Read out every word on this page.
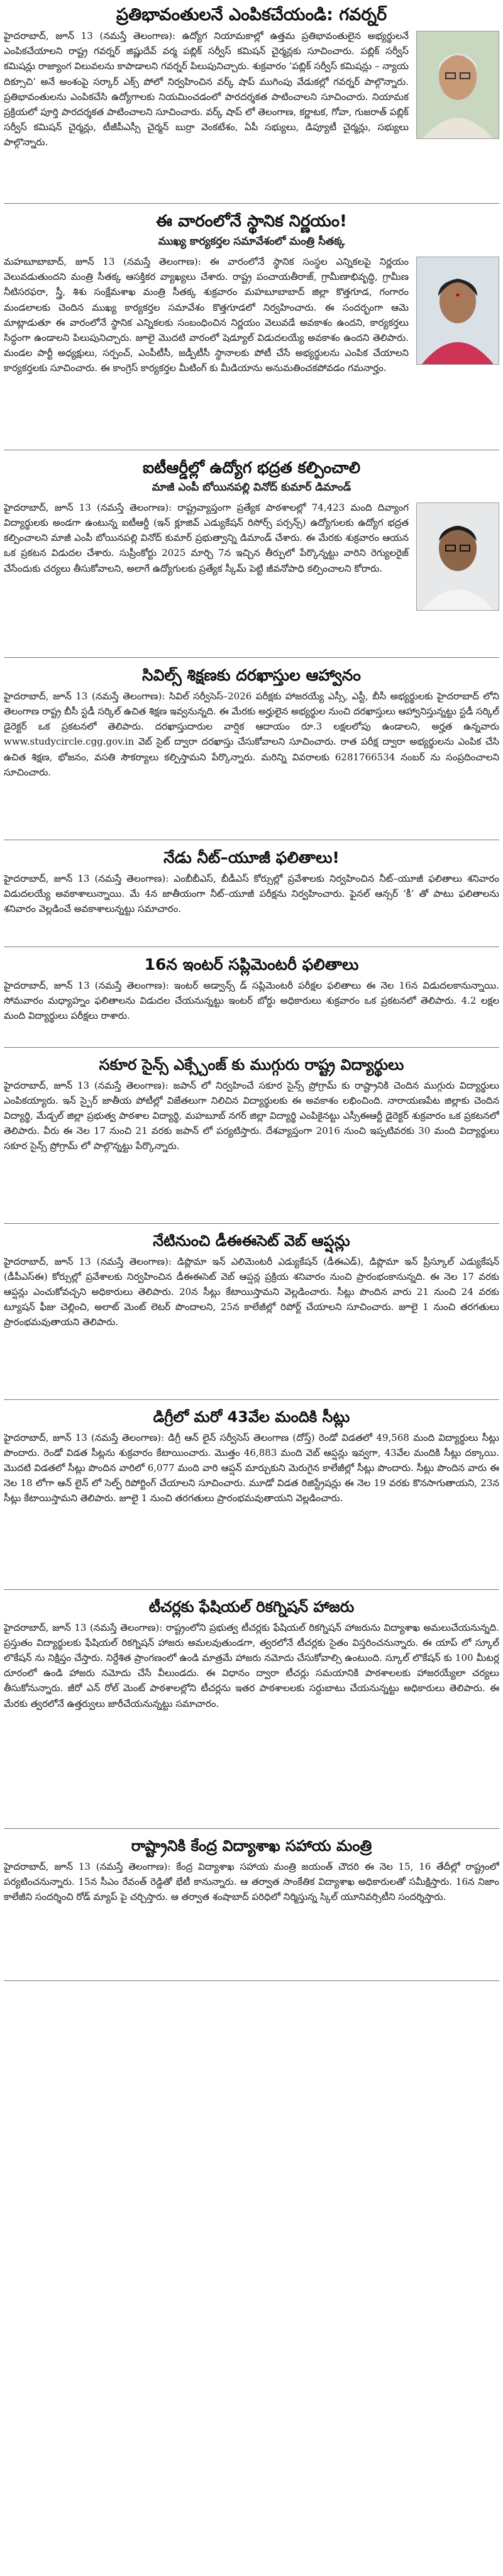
ప్రతిభావంతులనే ఎంపికచేయండి: గవర్నర్

హైదరాబాద్, జూన్ 13 (నమస్తే తెలంగాణ): ఉద్యోగ నియామకాల్లో ఉత్తమ ప్రతిభావంతులైన అభ్యర్థులనే ఎంపికచేయాలని రాష్ట్ర గవర్నర్ జిష్ణుదేవ్ వర్మ పబ్లిక్ సర్వీస్ కమిషన్ చైర్మన్లకు సూచించారు. పబ్లిక్ సర్వీస్ కమిషన్లు రాజ్యాంగ విలువలను కాపాడాలని గవర్నర్ పిలుపునిచ్చారు. శుక్రవారం ‘పబ్లిక్ సర్వీస్ కమిషన్లు – న్యాయ దిక్సూచి’ అనే అంశంపై సర్కార్ ఎక్స్ పోలో నిర్వహించిన వర్క్ షాప్ ముగింపు వేడుకల్లో గవర్నర్ పాల్గొన్నారు. ప్రతిభావంతులను ఎంపికచేసి ఉద్యోగాలకు నియమించడంలో పారదర్శకత పాటించాలని సూచించారు. నియామక ప్రక్రియలో పూర్తి పారదర్శకత పాటించాలని సూచించారు. వర్క్ షాప్ లో తెలంగాణ, కర్ణాటక, గోవా, గుజరాత్ పబ్లిక్ సర్వీస్ కమిషన్ చైర్మన్లు, టీజీపీఎస్సీ చైర్మన్ బుర్రా వెంకటేశం, ఏపీ సభ్యులు, డిప్యూటీ చైర్మన్లు, సభ్యులు పాల్గొన్నారు.

ఈ వారంలోనే స్థానిక నిర్ణయం!
ముఖ్య కార్యకర్తల సమావేశంలో మంత్రి సీతక్క

మహబూబాబాద్, జూన్ 13 (నమస్తే తెలంగాణ): ఈ వారంలోనే స్థానిక సంస్థల ఎన్నికలపై నిర్ణయం వెలువడుతుందని మంత్రి సీతక్క ఆసక్తికర వ్యాఖ్యలు చేశారు. రాష్ట్ర పంచాయతీరాజ్, గ్రామీణాభివృద్ధి, గ్రామీణ నీటిసరఫరా, స్త్రీ, శిశు సంక్షేమశాఖ మంత్రి సీతక్క శుక్రవారం మహబూబాబాద్ జిల్లా కొత్తగూడ, గంగారం మండలాలకు చెందిన ముఖ్య కార్యకర్తల సమావేశం కొత్తగూడలో నిర్వహించారు. ఈ సందర్భంగా ఆమె మాట్లాడుతూ ఈ వారంలోనే స్థానిక ఎన్నికలకు సంబంధించిన నిర్ణయం వెలువడే అవకాశం ఉందని, కార్యకర్తలు సిద్ధంగా ఉండాలని పిలుపునిచ్చారు. జూలై మొదటి వారంలో షెడ్యూల్ విడుదలయ్యే అవకాశం ఉందని తెలిపారు. మండల పార్టీ అధ్యక్షులు, సర్పంచ్, ఎంపీటీసీ, జడ్పీటీసీ స్థానాలకు పోటీ చేసే అభ్యర్థులను ఎంపిక చేయాలని కార్యకర్తలకు సూచించారు. ఈ కాంగ్రెస్ కార్యకర్తల మీటింగ్ కు మీడియాను అనుమతించకపోవడం గమనార్హం.

ఐటీఆర్డీల్లో ఉద్యోగ భద్రత కల్పించాలి
మాజీ ఎంపీ బోయినపల్లి వినోద్ కుమార్ డిమాండ్

హైదరాబాద్, జూన్ 13 (నమస్తే తెలంగాణ): రాష్ట్రవ్యాప్తంగా ప్రత్యేక పాఠశాలల్లో 74,423 మంది దివ్యాంగ విద్యార్థులకు అండగా ఉంటున్న ఐటీఆర్డీ (ఇన్ క్లూజివ్ ఎడ్యుకేషన్ రిసోర్స్ పర్సన్స్) ఉద్యోగులకు ఉద్యోగ భద్రత కల్పించాలని మాజీ ఎంపీ బోయినపల్లి వినోద్ కుమార్ ప్రభుత్వాన్ని డిమాండ్ చేశారు. ఈ మేరకు శుక్రవారం ఆయన ఒక ప్రకటన విడుదల చేశారు. సుప్రీంకోర్టు 2025 మార్చి 7న ఇచ్చిన తీర్పులో పేర్కొన్నట్టు వారిని రెగ్యులరైజ్ చేసేందుకు చర్యలు తీసుకోవాలని, అలాగే ఉద్యోగులకు ప్రత్యేక స్కీమ్ పెట్టి జీవనోపాధి కల్పించాలని కోరారు.

సివిల్స్ శిక్షణకు దరఖాస్తుల ఆహ్వానం

హైదరాబాద్, జూన్ 13 (నమస్తే తెలంగాణ): సివిల్ సర్వీసెస్–2026 పరీక్షకు హాజరయ్యే ఎస్సీ, ఎస్టీ, బీసీ అభ్యర్థులకు హైదరాబాద్ లోని తెలంగాణ రాష్ట్ర బీసీ స్టడీ సర్కిల్ ఉచిత శిక్షణ ఇవ్వనున్నది. ఈ మేరకు అర్హులైన అభ్యర్థుల నుంచి దరఖాస్తులు ఆహ్వానిస్తున్నట్టు స్టడీ సర్కిల్ డైరెక్టర్ ఒక ప్రకటనలో తెలిపారు. దరఖాస్తుదారుల వార్షిక ఆదాయం రూ.3 లక్షలలోపు ఉండాలని, అర్హత ఉన్నవారు www.studycircle.cgg.gov.in వెబ్ సైట్ ద్వారా దరఖాస్తు చేసుకోవాలని సూచించారు. రాత పరీక్ష ద్వారా అభ్యర్థులను ఎంపిక చేసి ఉచిత శిక్షణ, భోజనం, వసతి సౌకర్యాలు కల్పిస్తామని పేర్కొన్నారు. మరిన్ని వివరాలకు 6281766534 నంబర్ ను సంప్రదించాలని సూచించారు.

నేడు నీట్–యూజీ ఫలితాలు!

హైదరాబాద్, జూన్ 13 (నమస్తే తెలంగాణ): ఎంబీబీఎస్, బీడీఎస్ కోర్సుల్లో ప్రవేశాలకు నిర్వహించిన నీట్–యూజీ ఫలితాలు శనివారం విడుదలయ్యే అవకాశాలున్నాయి. మే 4న జాతీయంగా నీట్–యూజీ పరీక్షను నిర్వహించారు. ఫైనల్ ఆన్సర్ ‘కీ’ తో పాటు ఫలితాలను శనివారం వెల్లడించే అవకాశాలున్నట్టు సమాచారం.

16న ఇంటర్ సప్లిమెంటరీ ఫలితాలు

హైదరాబాద్, జూన్ 13 (నమస్తే తెలంగాణ): ఇంటర్ అడ్వాన్స్ డ్ సప్లిమెంటరీ పరీక్షల ఫలితాలు ఈ నెల 16న విడుదలకానున్నాయి. సోమవారం మధ్యాహ్నం ఫలితాలను విడుదల చేయనున్నట్టు ఇంటర్ బోర్డు అధికారులు శుక్రవారం ఒక ప్రకటనలో తెలిపారు. 4.2 లక్షల మంది విద్యార్థులు పరీక్షలు రాశారు.

సకూర సైన్స్ ఎక్స్చేంజ్ కు ముగ్గురు రాష్ట్ర విద్యార్థులు

హైదరాబాద్, జూన్ 13 (నమస్తే తెలంగాణ): జపాన్ లో నిర్వహించే సకూర సైన్స్ ప్రోగ్రామ్ కు రాష్ట్రానికి చెందిన ముగ్గురు విద్యార్థులు ఎంపికయ్యారు. ఇన్ స్పైర్ జాతీయ పోటీల్లో విజేతలుగా నిలిచిన విద్యార్థులకు ఈ అవకాశం లభించింది. నారాయణపేట జిల్లాకు చెందిన విద్యార్థి, మేడ్చల్ జిల్లా ప్రభుత్వ పాఠశాల విద్యార్థి, మహబూబ్ నగర్ జిల్లా విద్యార్థి ఎంపికైనట్టు ఎస్సీఈఆర్టీ డైరెక్టర్ శుక్రవారం ఒక ప్రకటనలో తెలిపారు. వీరు ఈ నెల 17 నుంచి 21 వరకు జపాన్ లో పర్యటిస్తారు. దేశవ్యాప్తంగా 2016 నుంచి ఇప్పటివరకు 30 మంది విద్యార్థులు సకూర సైన్స్ ప్రోగ్రామ్ లో పాల్గొన్నట్టు పేర్కొన్నారు.

నేటినుంచి డీఈఈసెట్ వెబ్ ఆప్షన్లు

హైదరాబాద్, జూన్ 13 (నమస్తే తెలంగాణ): డిప్లొమా ఇన్ ఎలిమెంటరీ ఎడ్యుకేషన్ (డీఈఎడ్), డిప్లొమా ఇన్ ప్రీస్కూల్ ఎడ్యుకేషన్ (డీపీఎస్ఈ) కోర్సుల్లో ప్రవేశాలకు నిర్వహించిన డీఈఈసెట్ వెబ్ ఆప్షన్ల ప్రక్రియ శనివారం నుంచి ప్రారంభంకానున్నది. ఈ నెల 17 వరకు ఆప్షన్లు ఎంచుకోవచ్చని అధికారులు తెలిపారు. 20న సీట్లు కేటాయిస్తామని వెల్లడించారు. సీట్లు పొందిన వారు 21 నుంచి 24 వరకు ట్యూషన్ ఫీజు చెల్లించి, అలాట్ మెంట్ లెటర్ పొందాలని, 25న కాలేజీల్లో రిపోర్ట్ చేయాలని సూచించారు. జూలై 1 నుంచి తరగతులు ప్రారంభమవుతాయని తెలిపారు.

డిగ్రీలో మరో 43వేల మందికి సీట్లు

హైదరాబాద్, జూన్ 13 (నమస్తే తెలంగాణ): డిగ్రీ ఆన్ లైన్ సర్వీసెస్ తెలంగాణ (దోస్త్) రెండో విడతలో 49,568 మంది విద్యార్థులు సీట్లు పొందారు. రెండో విడత సీట్లను శుక్రవారం కేటాయించారు. మొత్తం 46,883 మంది వెబ్ ఆప్షన్లు ఇవ్వగా, 43వేల మందికి సీట్లు దక్కాయి. మొదటి విడతలో సీట్లు పొందిన వారిలో 6,077 మంది వారి ఆప్షన్ మార్చుకుని మెరుగైన కాలేజీల్లో సీట్లు పొందారు. సీట్లు పొందిన వారు ఈ నెల 18 లోగా ఆన్ లైన్ లో సెల్ఫ్ రిపోర్టింగ్ చేయాలని సూచించారు. మూడో విడత రిజిస్ట్రేషన్లు ఈ నెల 19 వరకు కొనసాగుతాయని, 23న సీట్లు కేటాయిస్తామని తెలిపారు. జూలై 1 నుంచి తరగతులు ప్రారంభమవుతాయని వెల్లడించారు.

టీచర్లకు ఫేషియల్ రికగ్నిషన్ హాజరు

హైదరాబాద్, జూన్ 13 (నమస్తే తెలంగాణ): రాష్ట్రంలోని ప్రభుత్వ టీచర్లకు ఫేషియల్ రికగ్నిషన్ హాజరును విద్యాశాఖ అమలుచేయనున్నది. ప్రస్తుతం విద్యార్థులకు ఫేషియల్ రికగ్నిషన్ హాజరు అమలవుతుండగా, త్వరలోనే టీచర్లకు సైతం విస్తరించనున్నారు. ఈ యాప్ లో స్కూల్ లొకేషన్ ను నిక్షిప్తం చేస్తారు. నిర్దేశిత ప్రాంగణంలో ఉండి మాత్రమే హాజరు నమోదు చేసుకోవాల్సి ఉంటుంది. స్కూల్ లొకేషన్ కు 100 మీటర్ల దూరంలో ఉండి హాజరు నమోదు చేసే వీలుండదు. ఈ విధానం ద్వారా టీచర్లు సమయానికి పాఠశాలలకు హాజరయ్యేలా చర్యలు తీసుకోనున్నారు. జీరో ఎన్ రోల్ మెంట్ పాఠశాలల్లోని టీచర్లను ఇతర పాఠశాలలకు సర్దుబాటు చేయనున్నట్టు అధికారులు తెలిపారు. ఈ మేరకు త్వరలోనే ఉత్తర్వులు జారీచేయనున్నట్టు సమాచారం.

రాష్ట్రానికి కేంద్ర విద్యాశాఖ సహాయ మంత్రి

హైదరాబాద్, జూన్ 13 (నమస్తే తెలంగాణ): కేంద్ర విద్యాశాఖ సహాయ మంత్రి జయంత్ చౌదరి ఈ నెల 15, 16 తేదీల్లో రాష్ట్రంలో పర్యటించనున్నారు. 15న సీఎం రేవంత్ రెడ్డితో భేటీ కానున్నారు. ఆ తర్వాత సాంకేతిక విద్యాశాఖ అధికారులతో సమీక్షిస్తారు. 16న నిజాం కాలేజీని సందర్శించి రోడ్ మ్యాప్ పై చర్చిస్తారు. ఆ తర్వాత శంషాబాద్ పరిధిలో నిర్మిస్తున్న స్కిల్ యూనివర్సిటీని సందర్శిస్తారు.
